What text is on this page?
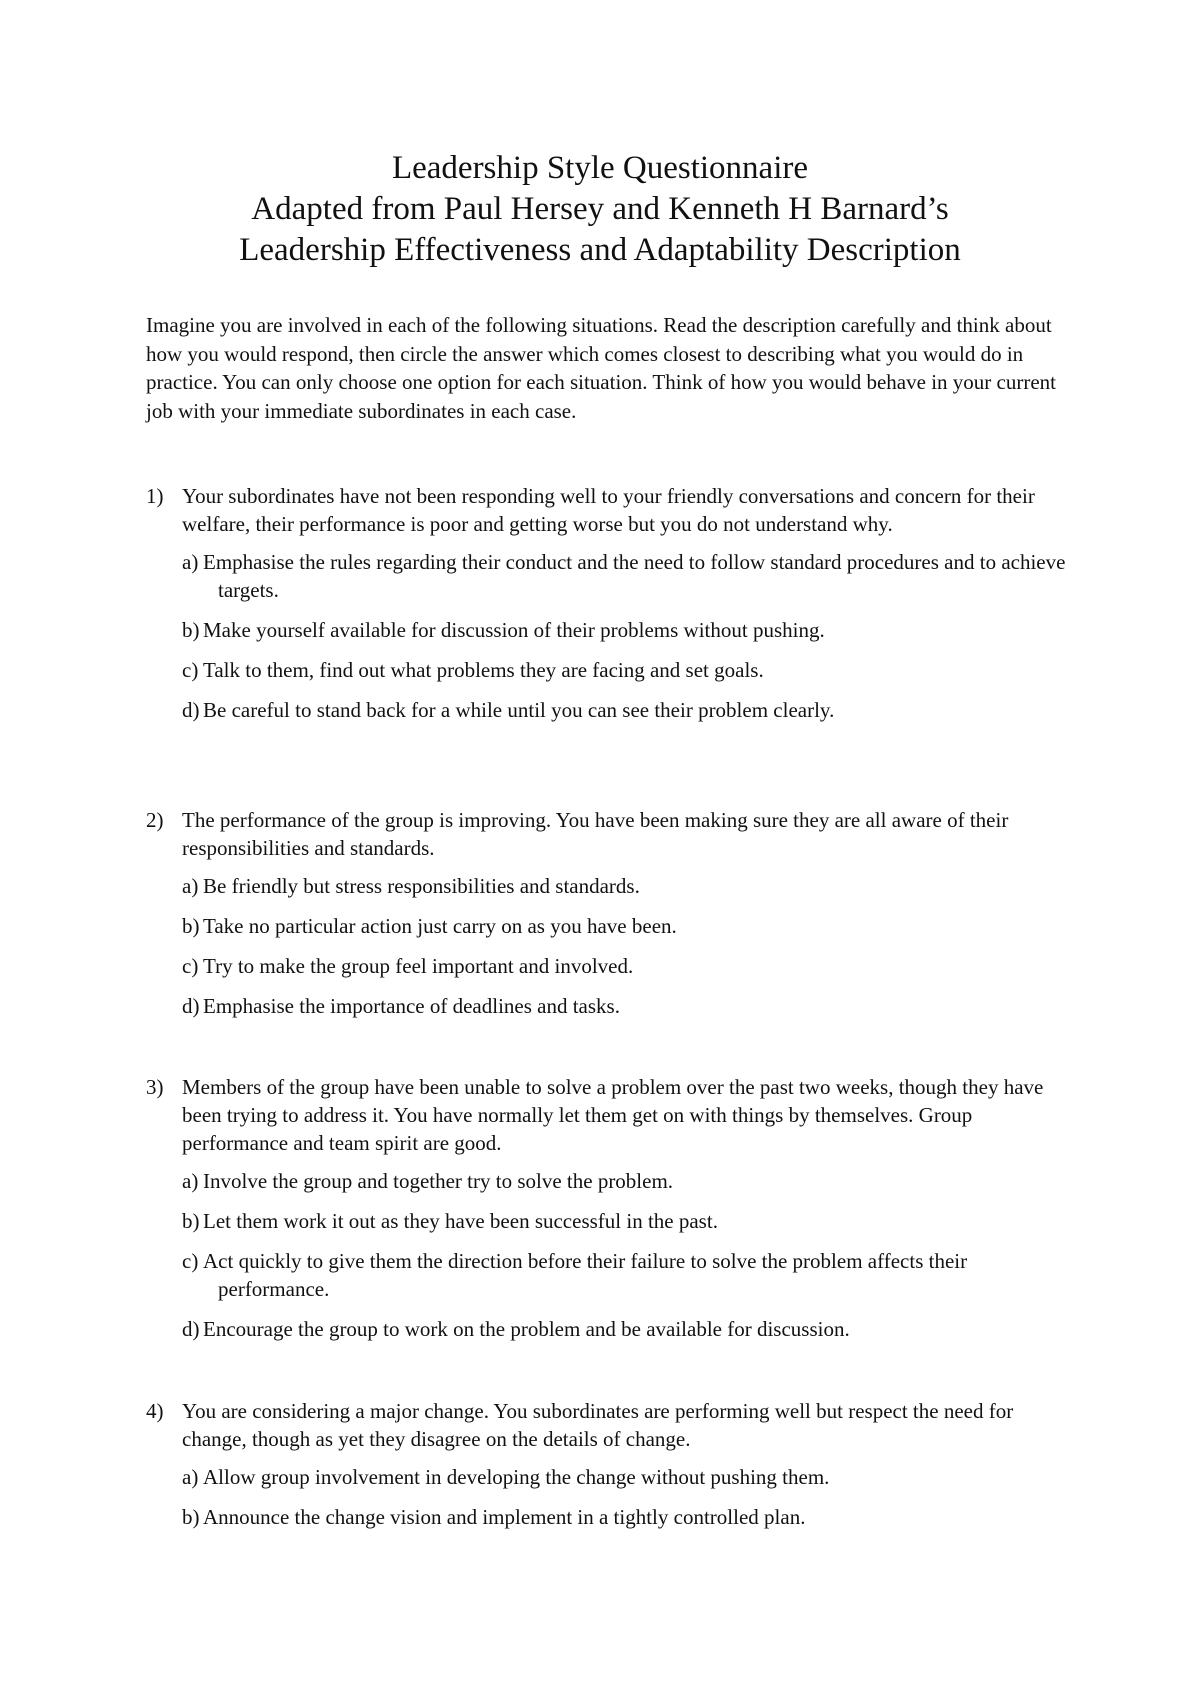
Leadership Style Questionnaire
Adapted from Paul Hersey and Kenneth H Barnard’s
Leadership Effectiveness and Adaptability Description

Imagine you are involved in each of the following situations. Read the description carefully and think about how you would respond, then circle the answer which comes closest to describing what you would do in practice. You can only choose one option for each situation. Think of how you would behave in your current job with your immediate subordinates in each case.

1) Your subordinates have not been responding well to your friendly conversations and concern for their welfare, their performance is poor and getting worse but you do not understand why.
a) Emphasise the rules regarding their conduct and the need to follow standard procedures and to achieve targets.
b) Make yourself available for discussion of their problems without pushing.
c) Talk to them, find out what problems they are facing and set goals.
d) Be careful to stand back for a while until you can see their problem clearly.
2) The performance of the group is improving. You have been making sure they are all aware of their responsibilities and standards.
a) Be friendly but stress responsibilities and standards.
b) Take no particular action just carry on as you have been.
c) Try to make the group feel important and involved.
d) Emphasise the importance of deadlines and tasks.
3) Members of the group have been unable to solve a problem over the past two weeks, though they have been trying to address it. You have normally let them get on with things by themselves. Group performance and team spirit are good.
a) Involve the group and together try to solve the problem.
b) Let them work it out as they have been successful in the past.
c) Act quickly to give them the direction before their failure to solve the problem affects their performance.
d) Encourage the group to work on the problem and be available for discussion.
4) You are considering a major change. You subordinates are performing well but respect the need for change, though as yet they disagree on the details of change.
a) Allow group involvement in developing the change without pushing them.
b) Announce the change vision and implement in a tightly controlled plan.
